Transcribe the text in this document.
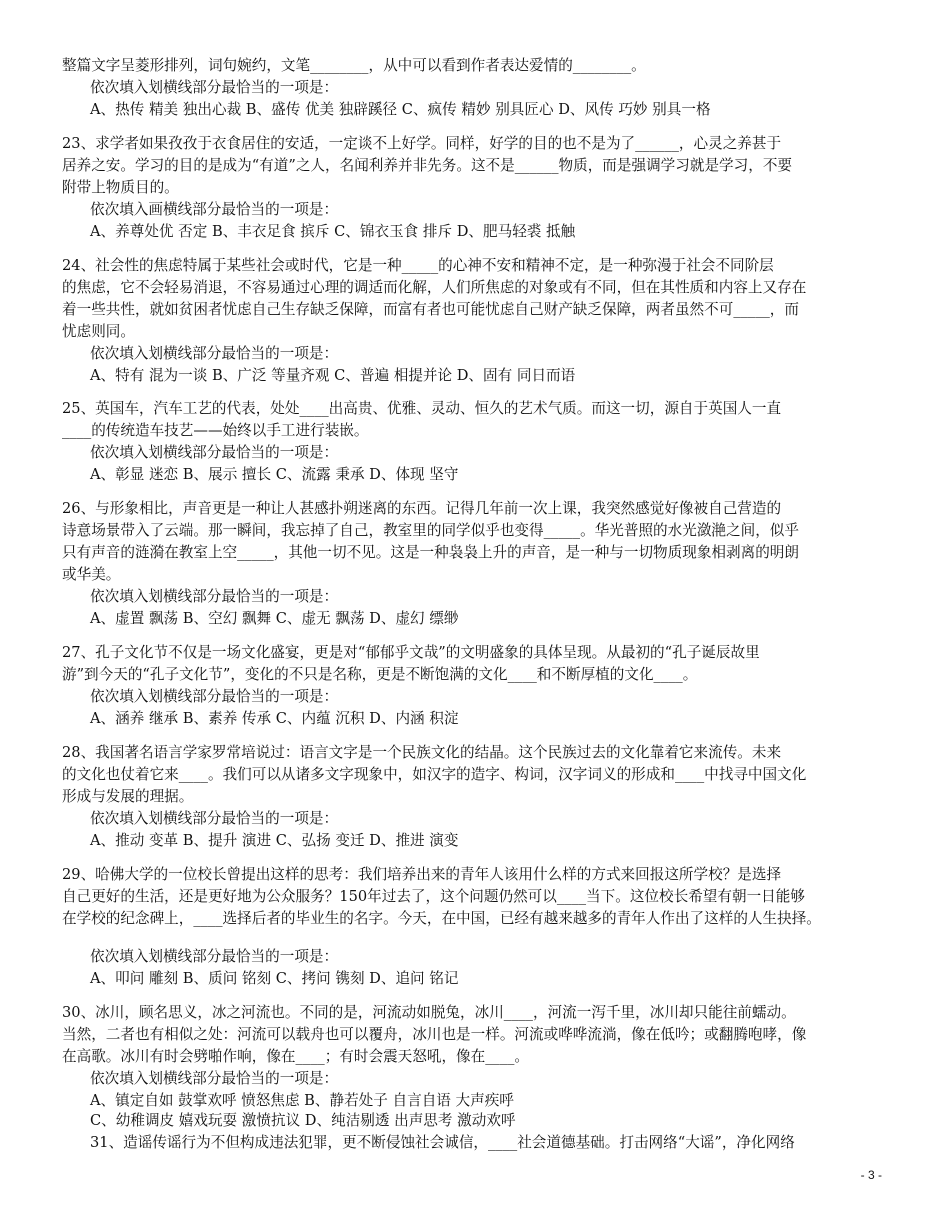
整篇文字呈菱形排列，词句婉约，文笔________，从中可以看到作者表达爱情的________。
依次填入划横线部分最恰当的一项是：
A、热传 精美 独出心裁 B、盛传 优美 独辟蹊径 C、疯传 精妙 别具匠心 D、风传 巧妙 别具一格
23、求学者如果孜孜于衣食居住的安适，一定谈不上好学。同样，好学的目的也不是为了______，心灵之养甚于
居养之安。学习的目的是成为“有道”之人，名闻利养并非先务。这不是______物质，而是强调学习就是学习，不要
附带上物质目的。
依次填入画横线部分最恰当的一项是：
A、养尊处优 否定 B、丰衣足食 摈斥 C、锦衣玉食 排斥 D、肥马轻裘 抵触
24、社会性的焦虑特属于某些社会或时代，它是一种_____的心神不安和精神不定，是一种弥漫于社会不同阶层
的焦虑，它不会轻易消退，不容易通过心理的调适而化解，人们所焦虑的对象或有不同，但在其性质和内容上又存在
着一些共性，就如贫困者忧虑自己生存缺乏保障，而富有者也可能忧虑自己财产缺乏保障，两者虽然不可_____，而
忧虑则同。
依次填入划横线部分最恰当的一项是：
A、特有 混为一谈 B、广泛 等量齐观 C、普遍 相提并论 D、固有 同日而语
25、英国车，汽车工艺的代表，处处____出高贵、优雅、灵动、恒久的艺术气质。而这一切，源自于英国人一直
____的传统造车技艺——始终以手工进行装嵌。
依次填入划横线部分最恰当的一项是：
A、彰显 迷恋 B、展示 擅长 C、流露 秉承 D、体现 坚守
26、与形象相比，声音更是一种让人甚感扑朔迷离的东西。记得几年前一次上课，我突然感觉好像被自己营造的
诗意场景带入了云端。那一瞬间，我忘掉了自己，教室里的同学似乎也变得_____。华光普照的水光潋滟之间，似乎
只有声音的涟漪在教室上空_____，其他一切不见。这是一种袅袅上升的声音，是一种与一切物质现象相剥离的明朗
或华美。
依次填入划横线部分最恰当的一项是：
A、虚置 飘荡 B、空幻 飘舞 C、虚无 飘荡 D、虚幻 缥缈
27、孔子文化节不仅是一场文化盛宴，更是对“郁郁乎文哉”的文明盛象的具体呈现。从最初的“孔子诞辰故里
游”到今天的“孔子文化节”，变化的不只是名称，更是不断饱满的文化____和不断厚植的文化____。
依次填入划横线部分最恰当的一项是：
A、涵养 继承 B、素养 传承 C、内蕴 沉积 D、内涵 积淀
28、我国著名语言学家罗常培说过：语言文字是一个民族文化的结晶。这个民族过去的文化靠着它来流传。未来
的文化也仗着它来____。我们可以从诸多文字现象中，如汉字的造字、构词，汉字词义的形成和____中找寻中国文化
形成与发展的理据。
依次填入划横线部分最恰当的一项是：
A、推动 变革 B、提升 演进 C、弘扬 变迁 D、推进 演变
29、哈佛大学的一位校长曾提出这样的思考：我们培养出来的青年人该用什么样的方式来回报这所学校？是选择
自己更好的生活，还是更好地为公众服务？150年过去了，这个问题仍然可以____当下。这位校长希望有朝一日能够
在学校的纪念碑上，____选择后者的毕业生的名字。今天，在中国，已经有越来越多的青年人作出了这样的人生抉择。
依次填入划横线部分最恰当的一项是：
A、叩问 雕刻 B、质问 铭刻 C、拷问 镌刻 D、追问 铭记
30、冰川，顾名思义，冰之河流也。不同的是，河流动如脱兔，冰川____，河流一泻千里，冰川却只能往前蠕动。
当然，二者也有相似之处：河流可以载舟也可以覆舟，冰川也是一样。河流或哗哗流淌，像在低吟；或翻腾咆哮，像
在高歌。冰川有时会劈啪作响，像在____；有时会震天怒吼，像在____。
依次填入划横线部分最恰当的一项是：
A、镇定自如 鼓掌欢呼 愤怒焦虑 B、静若处子 自言自语 大声疾呼
C、幼稚调皮 嬉戏玩耍 激愤抗议 D、纯洁剔透 出声思考 激动欢呼
31、造谣传谣行为不但构成违法犯罪，更不断侵蚀社会诚信，____社会道德基础。打击网络“大谣”，净化网络
- 3 -
